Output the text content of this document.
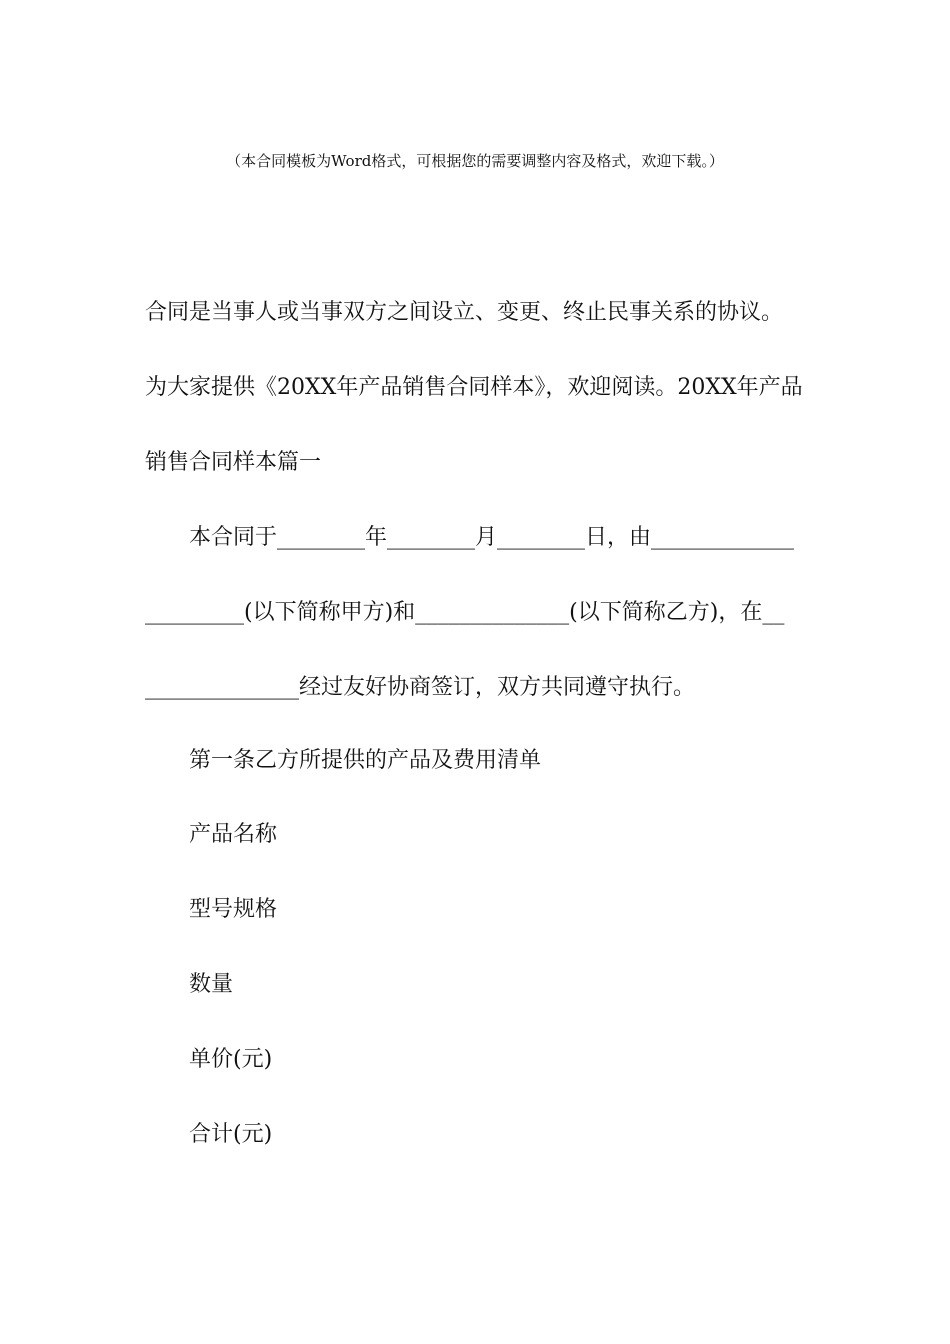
（本合同模板为Word格式，可根据您的需要调整内容及格式，欢迎下载。）
合同是当事人或当事双方之间设立、变更、终止民事关系的协议。
为大家提供《20XX年产品销售合同样本》，欢迎阅读。20XX年产品
销售合同样本篇一
本合同于________年________月________日，由_____________
_________(以下简称甲方)和______________(以下简称乙方)，在__
______________经过友好协商签订，双方共同遵守执行。
第一条乙方所提供的产品及费用清单
产品名称
型号规格
数量
单价(元)
合计(元)
